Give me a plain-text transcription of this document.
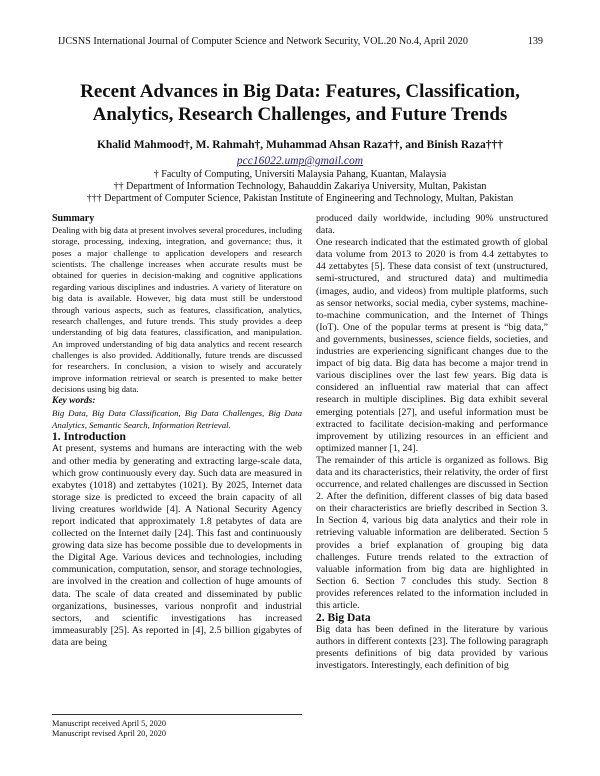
IJCSNS International Journal of Computer Science and Network Security, VOL.20 No.4, April 2020	139
Recent Advances in Big Data: Features, Classification,
Analytics, Research Challenges, and Future Trends
Khalid Mahmood†, M. Rahmah†, Muhammad Ahsan Raza††, and Binish Raza†††
pcc16022.ump@gmail.com
† Faculty of Computing, Universiti Malaysia Pahang, Kuantan, Malaysia
†† Department of Information Technology, Bahauddin Zakariya University, Multan, Pakistan
††† Department of Computer Science, Pakistan Institute of Engineering and Technology, Multan, Pakistan

Summary

Dealing with big data at present involves several procedures, including storage, processing, indexing, integration, and governance; thus, it poses a major challenge to application developers and research scientists. The challenge increases when accurate results must be obtained for queries in decision-making and cognitive applications regarding various disciplines and industries. A variety of literature on big data is available. However, big data must still be understood through various aspects, such as features, classification, analytics, research challenges, and future trends. This study provides a deep understanding of big data features, classification, and manipulation. An improved understanding of big data analytics and recent research challenges is also provided. Additionally, future trends are discussed for researchers. In conclusion, a vision to wisely and accurately improve information retrieval or search is presented to make better decisions using big data.

Key words:

Big Data, Big Data Classification, Big Data Challenges, Big Data Analytics, Semantic Search, Information Retrieval.

1. Introduction

At present, systems and humans are interacting with the web and other media by generating and extracting large-scale data, which grow continuously every day. Such data are measured in exabytes (1018) and zettabytes (1021). By 2025, Internet data storage size is predicted to exceed the brain capacity of all living creatures worldwide [4]. A National Security Agency report indicated that approximately 1.8 petabytes of data are collected on the Internet daily [24]. This fast and continuously growing data size has become possible due to developments in the Digital Age. Various devices and technologies, including communication, computation, sensor, and storage technologies, are involved in the creation and collection of huge amounts of data. The scale of data created and disseminated by public organizations, businesses, various nonprofit and industrial sectors, and scientific investigations has increased immeasurably [25]. As reported in [4], 2.5 billion gigabytes of data are being

produced daily worldwide, including 90% unstructured data.

One research indicated that the estimated growth of global data volume from 2013 to 2020 is from 4.4 zettabytes to 44 zettabytes [5]. These data consist of text (unstructured, semi-structured, and structured data) and multimedia (images, audio, and videos) from multiple platforms, such as sensor networks, social media, cyber systems, machine-to-machine communication, and the Internet of Things (IoT). One of the popular terms at present is “big data,” and governments, businesses, science fields, societies, and industries are experiencing significant changes due to the impact of big data. Big data has become a major trend in various disciplines over the last few years. Big data is considered an influential raw material that can affect research in multiple disciplines. Big data exhibit several emerging potentials [27], and useful information must be extracted to facilitate decision-making and performance improvement by utilizing resources in an efficient and optimized manner [1, 24].

The remainder of this article is organized as follows. Big data and its characteristics, their relativity, the order of first occurrence, and related challenges are discussed in Section 2. After the definition, different classes of big data based on their characteristics are briefly described in Section 3. In Section 4, various big data analytics and their role in retrieving valuable information are deliberated. Section 5 provides a brief explanation of grouping big data challenges. Future trends related to the extraction of valuable information from big data are highlighted in Section 6. Section 7 concludes this study. Section 8 provides references related to the information included in this article.

2. Big Data

Big data has been defined in the literature by various authors in different contexts [23]. The following paragraph presents definitions of big data provided by various investigators. Interestingly, each definition of big

Manuscript received April 5, 2020
Manuscript revised April 20, 2020
